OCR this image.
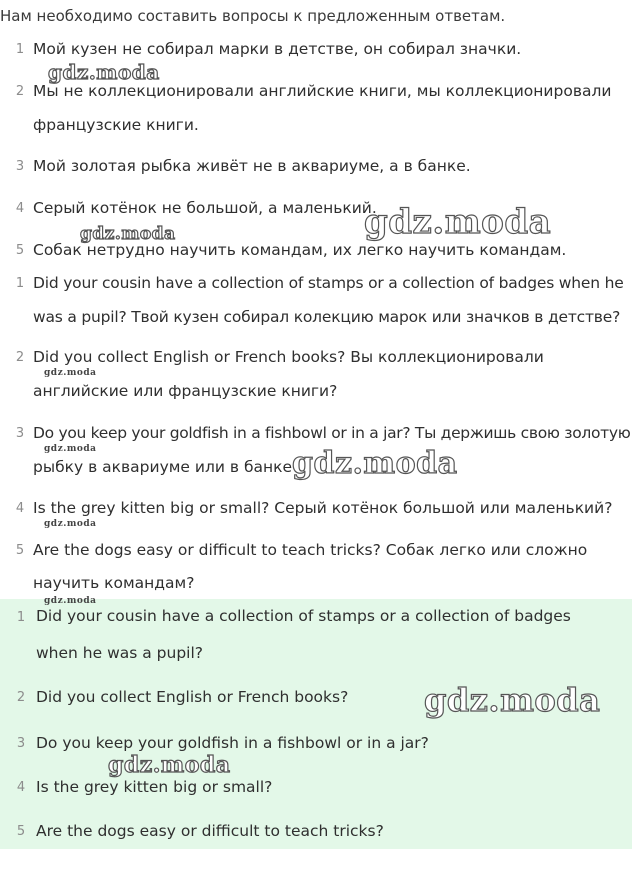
Нам необходимо составить вопросы к предложенным ответам.
1 Мой кузен не собирал марки в детстве, он собирал значки.
2 Мы не коллекционировали английские книги, мы коллекционировали
французские книги.
3 Мой золотая рыбка живёт не в аквариуме, а в банке.
4 Серый котёнок не большой, а маленький.
5 Собак нетрудно научить командам, их легко научить командам.
1 Did your cousin have a collection of stamps or a collection of badges when he
was a pupil? Твой кузен собирал колекцию марок или значков в детстве?
2 Did you collect English or French books? Вы коллекционировали
английские или французские книги?
3 Do you keep your goldfish in a fishbowl or in a jar? Ты держишь свою золотую
рыбку в аквариуме или в банке?
4 Is the grey kitten big or small? Серый котёнок большой или маленький?
5 Are the dogs easy or difficult to teach tricks? Собак легко или сложно
научить командам?
1 Did your cousin have a collection of stamps or a collection of badges
when he was a pupil?
2 Did you collect English or French books?
3 Do you keep your goldfish in a fishbowl or in a jar?
4 Is the grey kitten big or small?
5 Are the dogs easy or difficult to teach tricks?
gdz.moda
gdz.moda	gdz.moda
gdz.moda
gdz.moda	gdz.moda
gdz.moda
gdz.moda
gdz.moda
gdz.moda
